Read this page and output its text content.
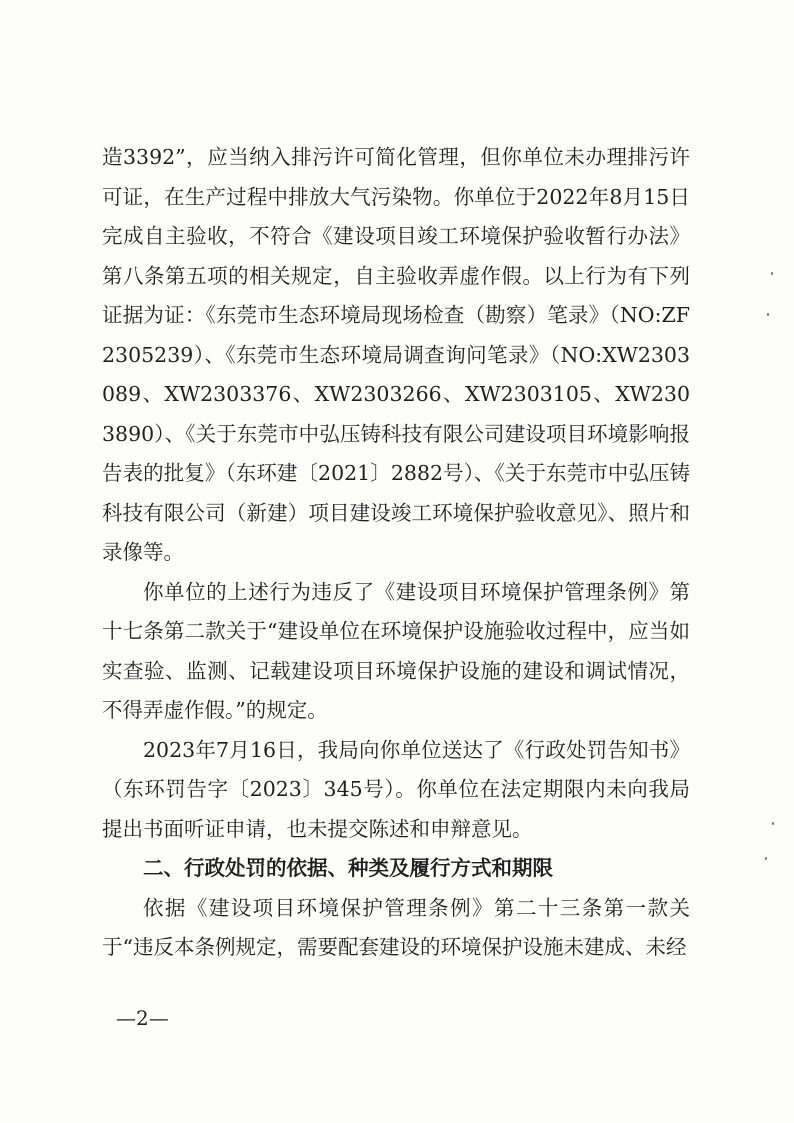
造3392”，应当纳入排污许可简化管理，但你单位未办理排污许可证，在生产过程中排放大气污染物。你单位于2022年8月15日完成自主验收，不符合《建设项目竣工环境保护验收暂行办法》第八条第五项的相关规定，自主验收弄虚作假。以上行为有下列证据为证：《东莞市生态环境局现场检查（勘察）笔录》（NO:ZF2305239）、《东莞市生态环境局调查询问笔录》（NO:XW2303089、XW2303376、XW2303266、XW2303105、XW2303890）、《关于东莞市中弘压铸科技有限公司建设项目环境影响报告表的批复》（东环建〔2021〕2882号）、《关于东莞市中弘压铸科技有限公司（新建）项目建设竣工环境保护验收意见》、照片和录像等。

你单位的上述行为违反了《建设项目环境保护管理条例》第十七条第二款关于“建设单位在环境保护设施验收过程中，应当如实查验、监测、记载建设项目环境保护设施的建设和调试情况，不得弄虚作假。”的规定。

2023年7月16日，我局向你单位送达了《行政处罚告知书》（东环罚告字〔2023〕345号）。你单位在法定期限内未向我局提出书面听证申请，也未提交陈述和申辩意见。

二、行政处罚的依据、种类及履行方式和期限

依据《建设项目环境保护管理条例》第二十三条第一款关于“违反本条例规定，需要配套建设的环境保护设施未建成、未经

—2—
